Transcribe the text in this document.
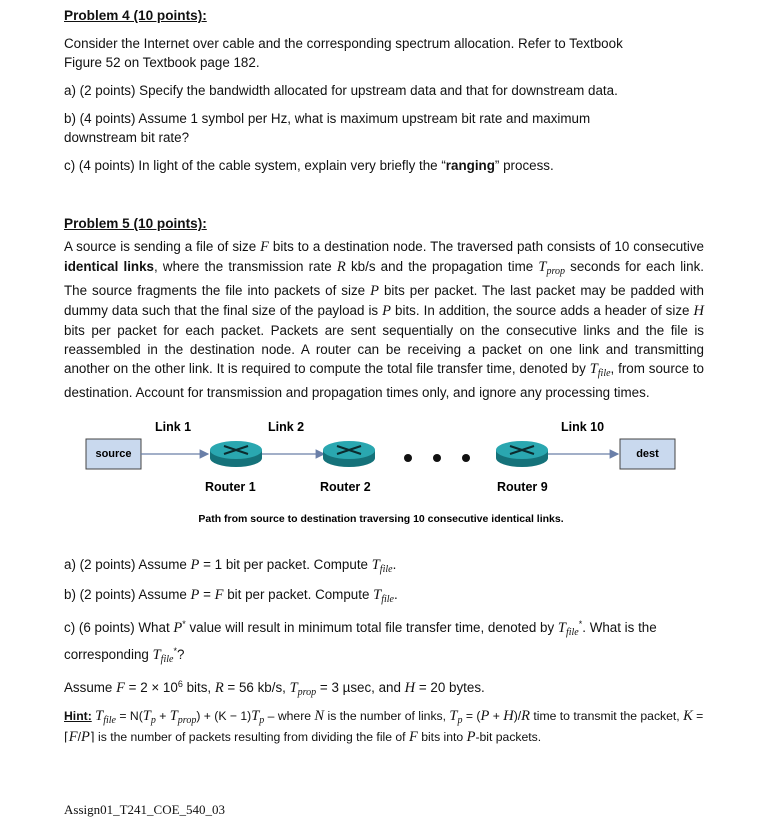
Problem 4 (10 points):
Consider the Internet over cable and the corresponding spectrum allocation. Refer to Textbook Figure 52 on Textbook page 182.
a) (2 points) Specify the bandwidth allocated for upstream data and that for downstream data.
b) (4 points) Assume 1 symbol per Hz, what is maximum upstream bit rate and maximum downstream bit rate?
c) (4 points) In light of the cable system, explain very briefly the “ranging” process.
Problem 5 (10 points):
A source is sending a file of size F bits to a destination node. The traversed path consists of 10 consecutive identical links, where the transmission rate R kb/s and the propagation time $T_{prop}$ seconds for each link. The source fragments the file into packets of size P bits per packet. The last packet may be padded with dummy data such that the final size of the payload is P bits. In addition, the source adds a header of size H bits per packet for each packet. Packets are sent sequentially on the consecutive links and the file is reassembled in the destination node. A router can be receiving a packet on one link and transmitting another on the other link. It is required to compute the total file transfer time, denoted by $T_{file}$, from source to destination. Account for transmission and propagation times only, and ignore any processing times.
Link 1	Link 2	Link 10
source	dest
Router 1	Router 2	Router 9
Path from source to destination traversing 10 consecutive identical links.
a) (2 points) Assume P = 1 bit per packet. Compute $T_{file}$.
b) (2 points) Assume P = F bit per packet. Compute $T_{file}$.
c) (6 points) What P* value will result in minimum total file transfer time, denoted by $T_{file}^*$. What is the corresponding $T_{file}^*$?
Assume $F = 2 \times 10^6$ bits, R = 56 kb/s, $T_{prop} = 3$ µsec, and H = 20 bytes.
Hint: $T_{file} = N(T_p + T_{prop}) + (K - 1)T_p$ – where N is the number of links, $T_p = (P + H)/R$ time to transmit the packet, K = ⌈F/P⌉ is the number of packets resulting from dividing the file of F bits into P-bit packets.
Assign01_T241_COE_540_03
